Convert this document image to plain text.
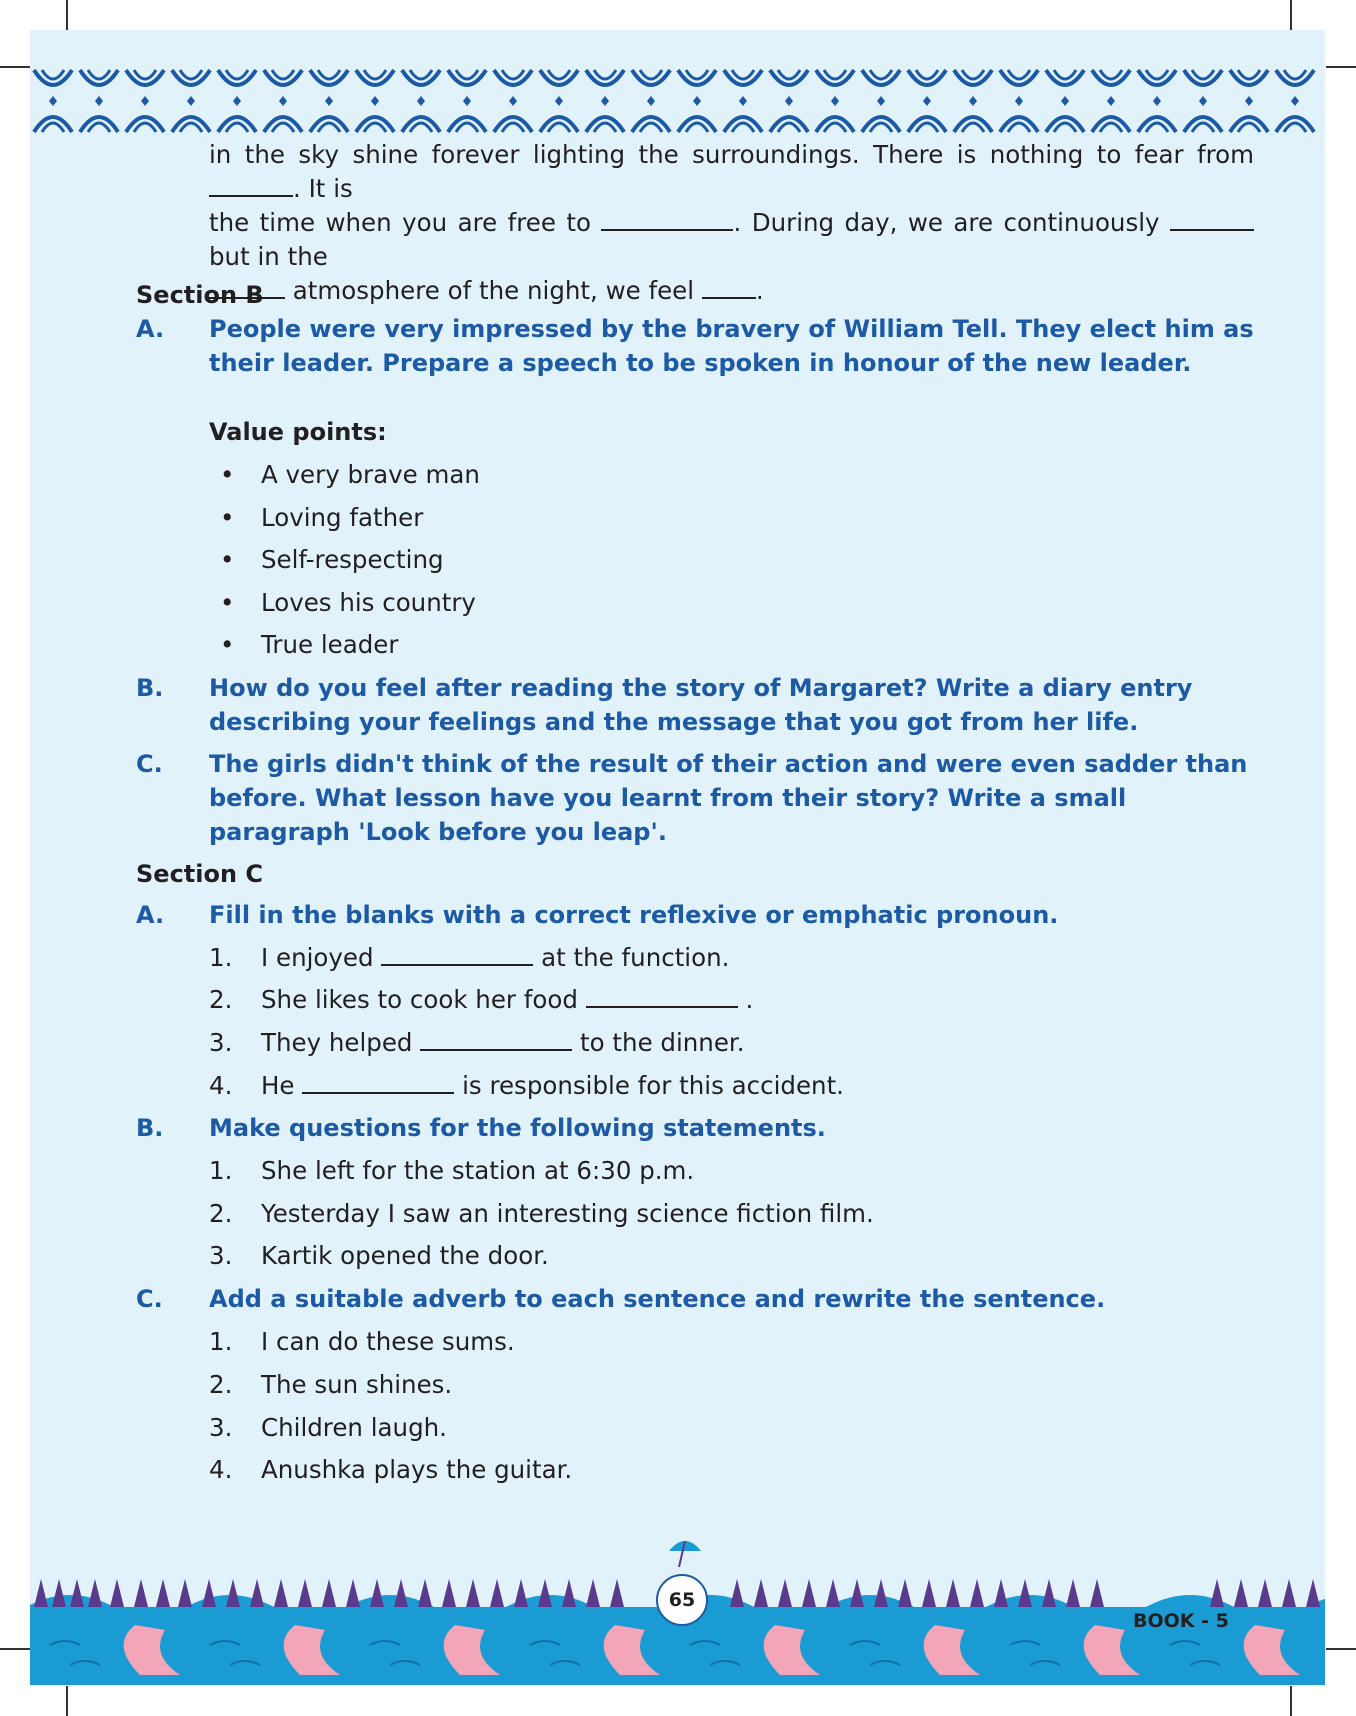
in the sky shine forever lighting the surroundings. There is nothing to fear from . It is
the time when you are free to	. During day, we are continuously  but in the
atmosphere of the night, we feel	.

Section B
A. People were very impressed by the bravery of William Tell. They elect him as their leader. Prepare a speech to be spoken in honour of the new leader.
Value points:
• A very brave man
• Loving father
• Self-respecting
• Loves his country
• True leader
B. How do you feel after reading the story of Margaret? Write a diary entry describing your feelings and the message that you got from her life.
C. The girls didn't think of the result of their action and were even sadder than before. What lesson have you learnt from their story? Write a small paragraph 'Look before you leap'.
Section C
A. Fill in the blanks with a correct reflexive or emphatic pronoun.
1. I enjoyed	at the function.
2. She likes to cook her food	.
3. They helped	to the dinner.
4. He	is responsible for this accident.
B. Make questions for the following statements.
1. She left for the station at 6:30 p.m.
2. Yesterday I saw an interesting science fiction film.
3. Kartik opened the door.
C. Add a suitable adverb to each sentence and rewrite the sentence.
1. I can do these sums.
2. The sun shines.
3. Children laugh.
4. Anushka plays the guitar.
65
BOOK - 5
